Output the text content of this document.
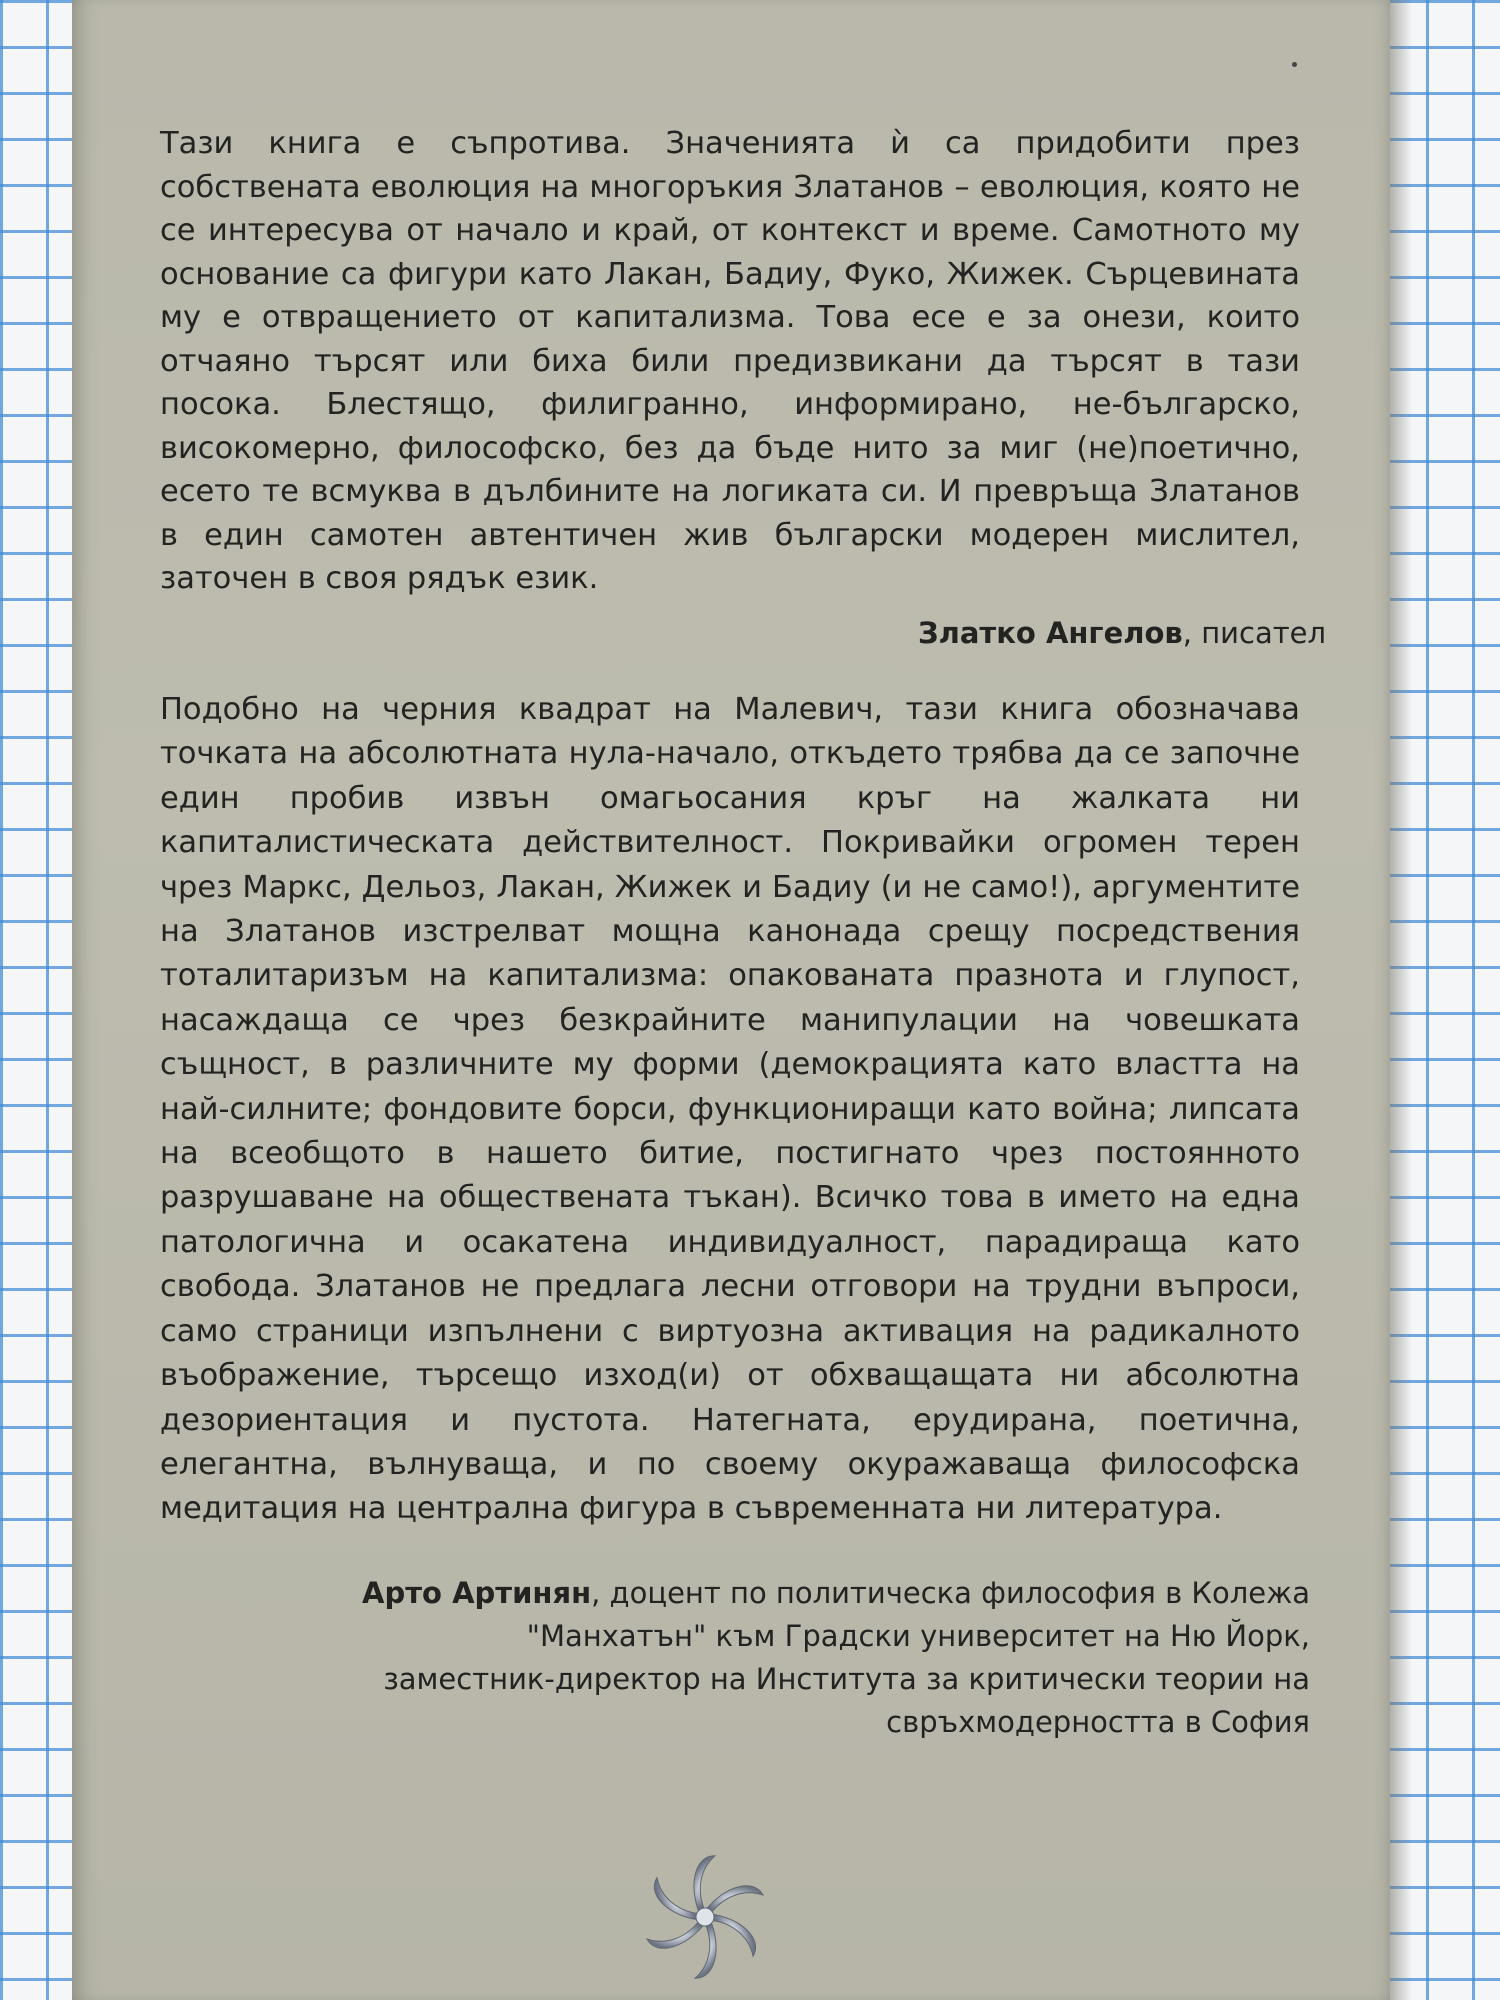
Тази книга е съпротива. Значенията ѝ са придобити през собствената еволюция на многоръкия Златанов – еволюция, която не се интересува от начало и край, от контекст и време. Самотното му основание са фигури като Лакан, Бадиу, Фуко, Жижек. Сърцевината му е отвращението от капитализма. Това есе е за онези, които отчаяно търсят или биха били предизвикани да търсят в тази посока. Блестящо, филигранно, информирано, не-българско, високомерно, философско, без да бъде нито за миг (не)поетично, есето те всмуква в дълбините на логиката си. И превръща Златанов в един самотен автентичен жив български модерен мислител, заточен в своя рядък език.

Златко Ангелов, писател

Подобно на черния квадрат на Малевич, тази книга обозначава точката на абсолютната нула-начало, откъдето трябва да се започне един пробив извън омагьосания кръг на жалката ни капиталистическата действителност. Покривайки огромен терен чрез Маркс, Дельоз, Лакан, Жижек и Бадиу (и не само!), аргументите на Златанов изстрелват мощна канонада срещу посредствения тоталитаризъм на капитализма: опакованата празнота и глупост, насаждаща се чрез безкрайните манипулации на човешката същност, в различните му форми (демокрацията като властта на най-силните; фондовите борси, функциониращи като война; липсата на всеобщото в нашето битие, постигнато чрез постоянното разрушаване на обществената тъкан). Всичко това в името на една патологична и осакатена индивидуалност, парадираща като свобода. Златанов не предлага лесни отговори на трудни въпроси, само страници изпълнени с виртуозна активация на радикалното въображение, търсещо изход(и) от обхващащата ни абсолютна дезориентация и пустота. Натегната, ерудирана, поетична, елегантна, вълнуваща, и по своему окуражаваща философска медитация на централна фигура в съвременната ни литература.

Арто Артинян, доцент по политическа философия в Колежа
"Манхатън" към Градски университет на Ню Йорк,
заместник-директор на Института за критически теории на
свръхмодерността в София
